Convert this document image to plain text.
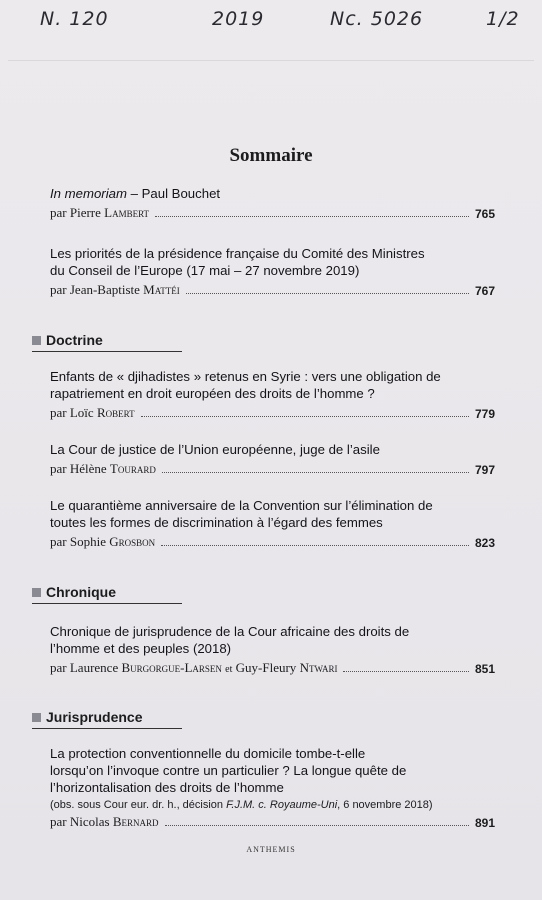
N. 120	2019	Nc. 5026	1/2
Sommaire
In memoriam – Paul Bouchet
par Pierre Lambert	765
Les priorités de la présidence française du Comité des Ministres
du Conseil de l’Europe (17 mai – 27 novembre 2019)
par Jean-Baptiste Mattéi	767
Doctrine
Enfants de « djihadistes » retenus en Syrie : vers une obligation de
rapatriement en droit européen des droits de l’homme ?
par Loïc Robert	779
La Cour de justice de l’Union européenne, juge de l’asile
par Hélène Tourard	797
Le quarantième anniversaire de la Convention sur l’élimination de
toutes les formes de discrimination à l’égard des femmes
par Sophie Grosbon	823
Chronique
Chronique de jurisprudence de la Cour africaine des droits de
l’homme et des peuples (2018)
par Laurence Burgorgue-Larsen et Guy-Fleury Ntwari	851
Jurisprudence
La protection conventionnelle du domicile tombe-t-elle
lorsqu’on l’invoque contre un particulier ? La longue quête de
l’horizontalisation des droits de l’homme
(obs. sous Cour eur. dr. h., décision F.J.M. c. Royaume-Uni, 6 novembre 2018)
par Nicolas Bernard	891
ANTHEMIS
